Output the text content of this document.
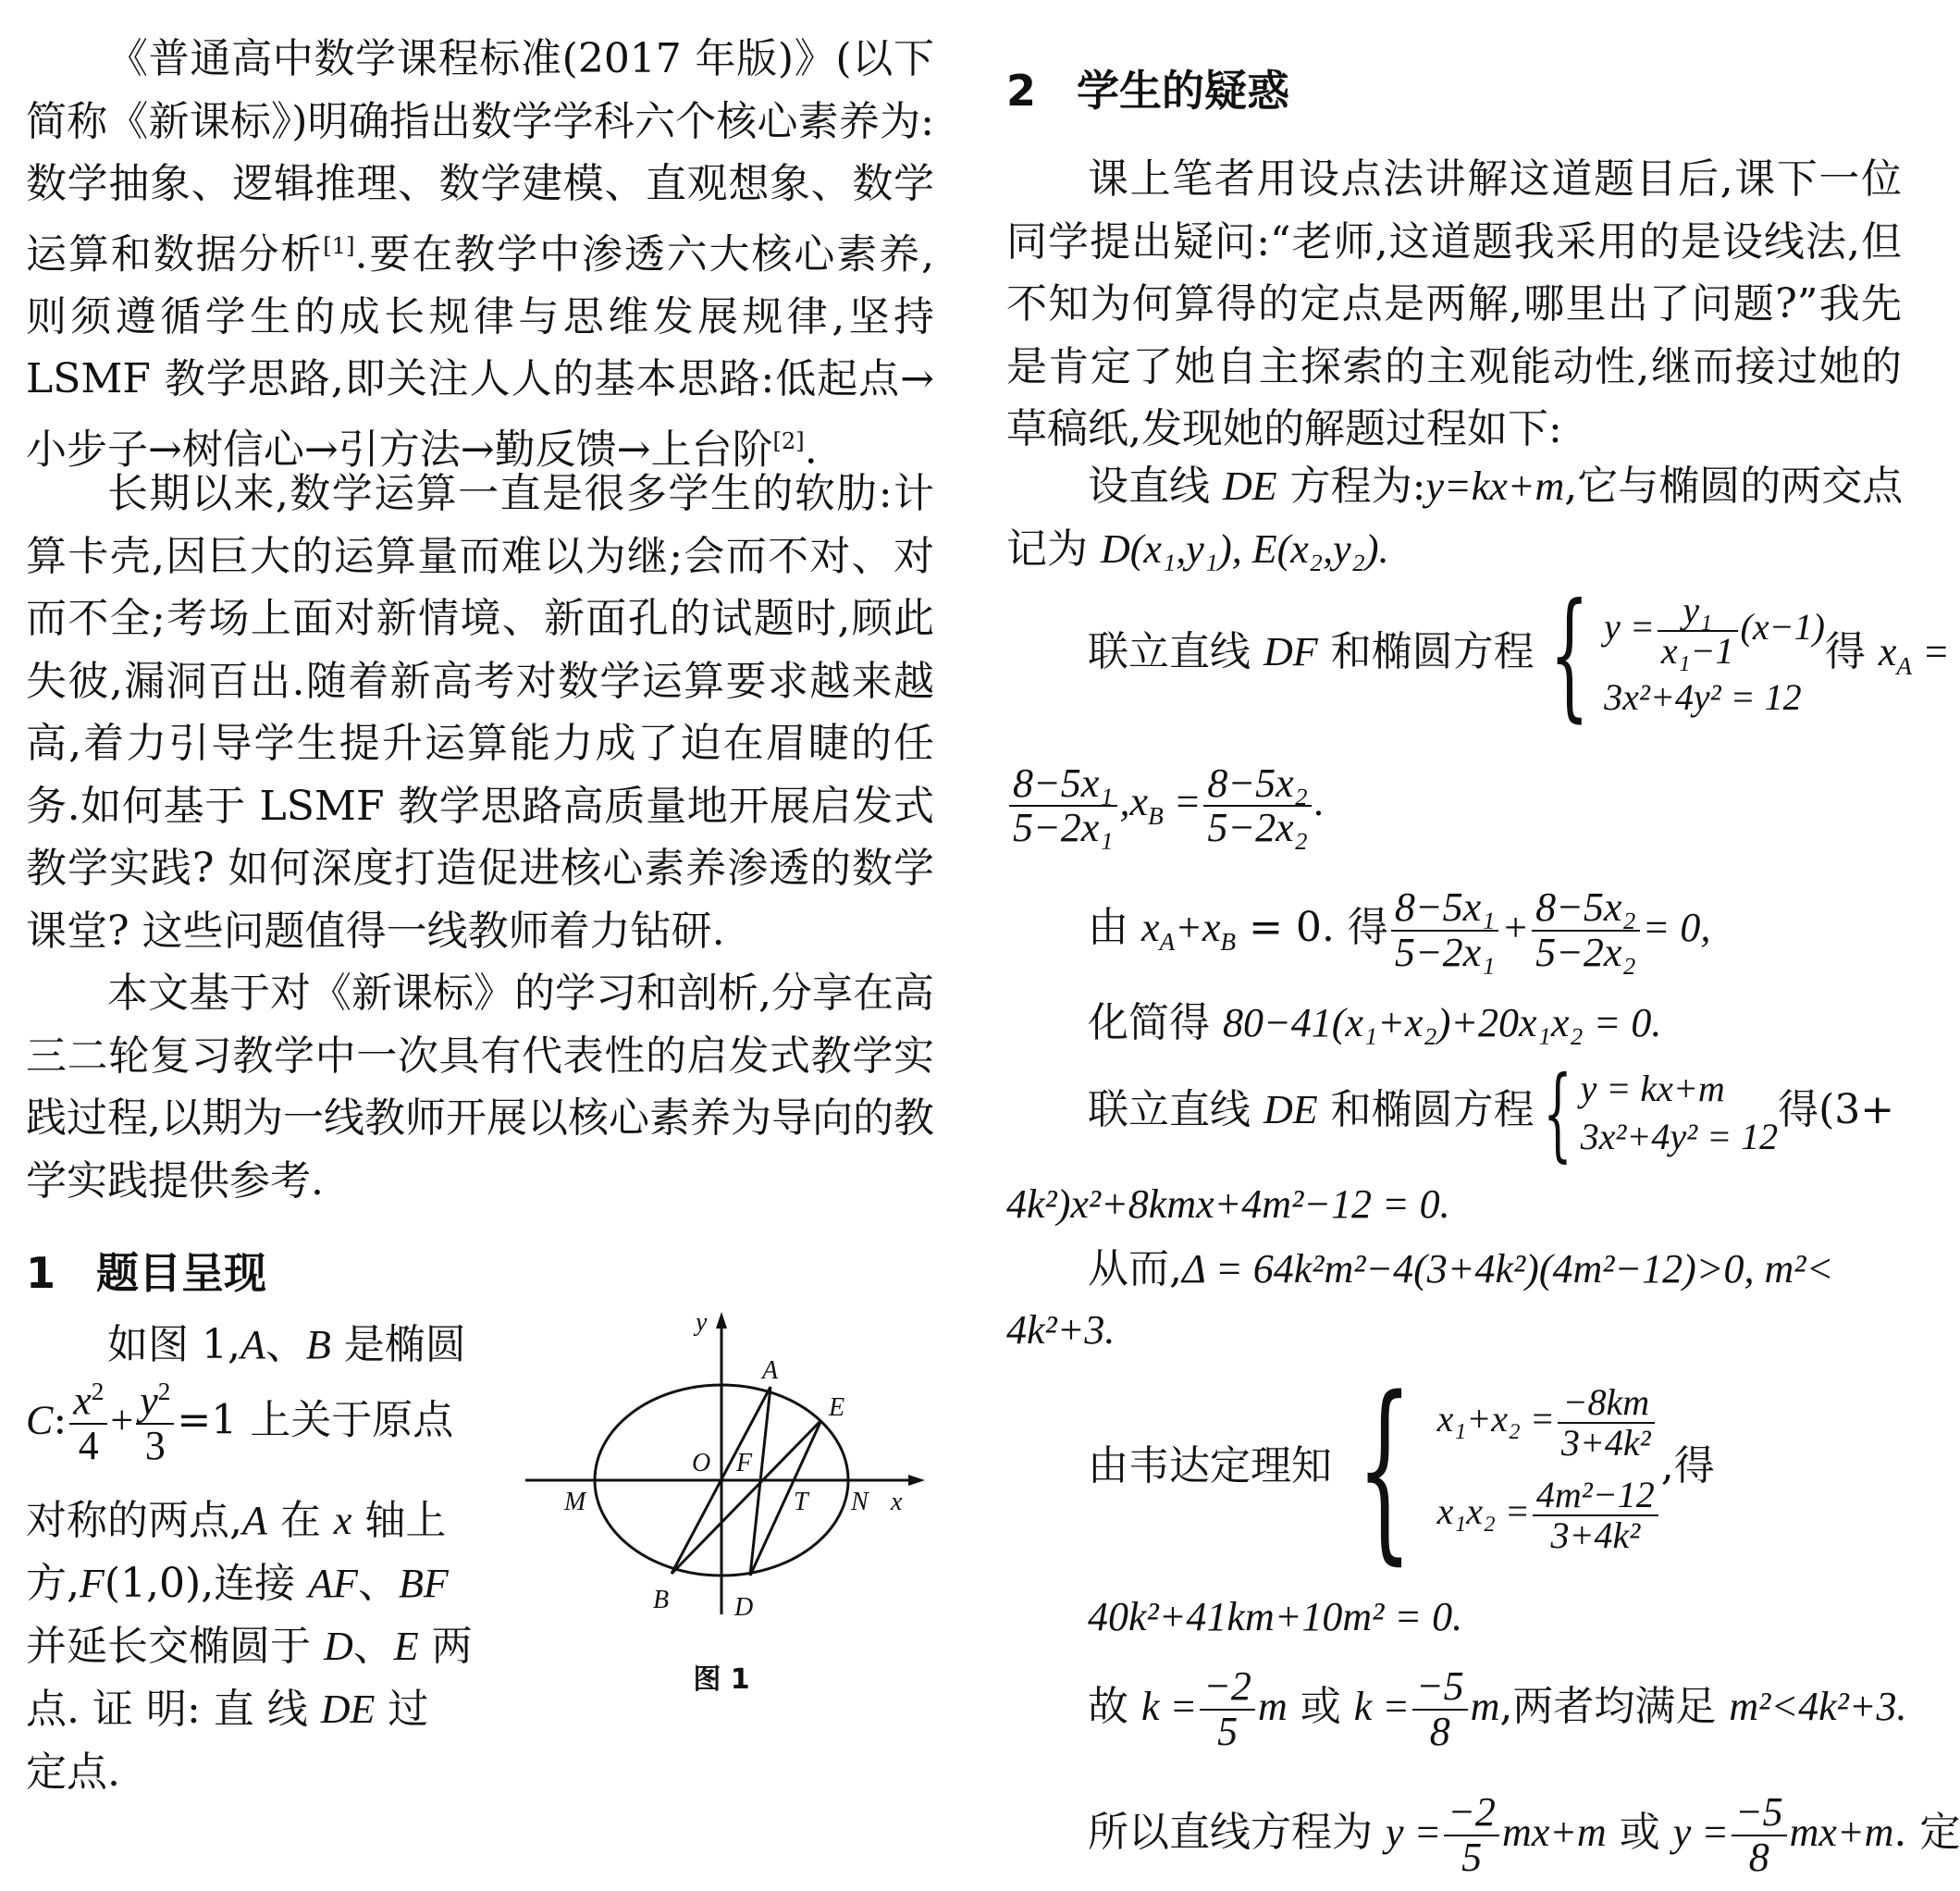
《普通高中数学课程标准(2017 年版)》(以下简称《新课标》)明确指出数学学科六个核心素养为:数学抽象、逻辑推理、数学建模、直观想象、数学运算和数据分析[1].要在教学中渗透六大核心素养,则须遵循学生的成长规律与思维发展规律,坚持 LSMF 教学思路,即关注人人的基本思路:低起点→小步子→树信心→引方法→勤反馈→上台阶[2].

长期以来,数学运算一直是很多学生的软肋:计算卡壳,因巨大的运算量而难以为继;会而不对、对而不全;考场上面对新情境、新面孔的试题时,顾此失彼,漏洞百出.随着新高考对数学运算要求越来越高,着力引导学生提升运算能力成了迫在眉睫的任务.如何基于 LSMF 教学思路高质量地开展启发式教学实践? 如何深度打造促进核心素养渗透的数学课堂? 这些问题值得一线教师着力钻研.

本文基于对《新课标》的学习和剖析,分享在高三二轮复习教学中一次具有代表性的启发式教学实践过程,以期为一线教师开展以核心素养为导向的教学实践提供参考.

1 题目呈现
如图 1,A、B 是椭圆
C: $\frac{x^2}{4} + \frac{y^2}{3} =1$ 上关于原点
对称的两点,A 在 x 轴上
方,F(1,0),连接 AF、BF
并延长交椭圆于 D、E 两
点. 证 明: 直 线 DE 过
定点.
y
x
A
E
O F
M	T N
B	D
图 1
2 学生的疑惑

课上笔者用设点法讲解这道题目后,课下一位同学提出疑问:“老师,这道题我采用的是设线法,但不知为何算得的定点是两解,哪里出了问题?”我先是肯定了她自主探索的主观能动性,继而接过她的草稿纸,发现她的解题过程如下:

设直线 DE 方程为:y=kx+m,它与椭圆的两交点
记为 D(x₁,y₁), E(x₂,y₂).
联立直线 DF 和椭圆方程 { $y = \frac{\text{y₁}}{\text{x₁−1}} (x-1)$
3x²+4y² = 12
得 $x_A$ =
$\frac{\text{8−5x₁}}{\text{5−2x₁}} ,x_B = \frac{\text{8−5x₂}}{\text{5−2x₂}}$ .
由 $x_A+x_B = 0$. 得 $\frac{\text{8−5x₁}}{\text{5−2x₁}} + \frac{\text{8−5x₂}}{\text{5−2x₂}} = 0$,
化简得 80−41(x₁+x₂)+20x₁x₂ = 0.
联立直线 DE 和椭圆方程 { y = kx+m
3x²+4y² = 12
得(3+
4k²)x²+8kmx+4m²−12 = 0.
从而,Δ = 64k²m²−4(3+4k²)(4m²−12)>0, m²<
4k²+3.
由韦达定理知 { $x_1+x_2 = \frac{-8km}{\text{3+4k²}}$
$x_1x_2 = \frac{\text{4m²−12}}{\text{3+4k²}}$
,得
40k²+41km+10m² = 0.
故 $k = \frac{-2}{5}$ m 或 $k = \frac{-5}{8} m$,两者均满足 m²<4k²+3.
所以直线方程为 $y = \frac{-2}{5} mx+m$ 或 $y = \frac{-5}{8} mx+m$. 定
